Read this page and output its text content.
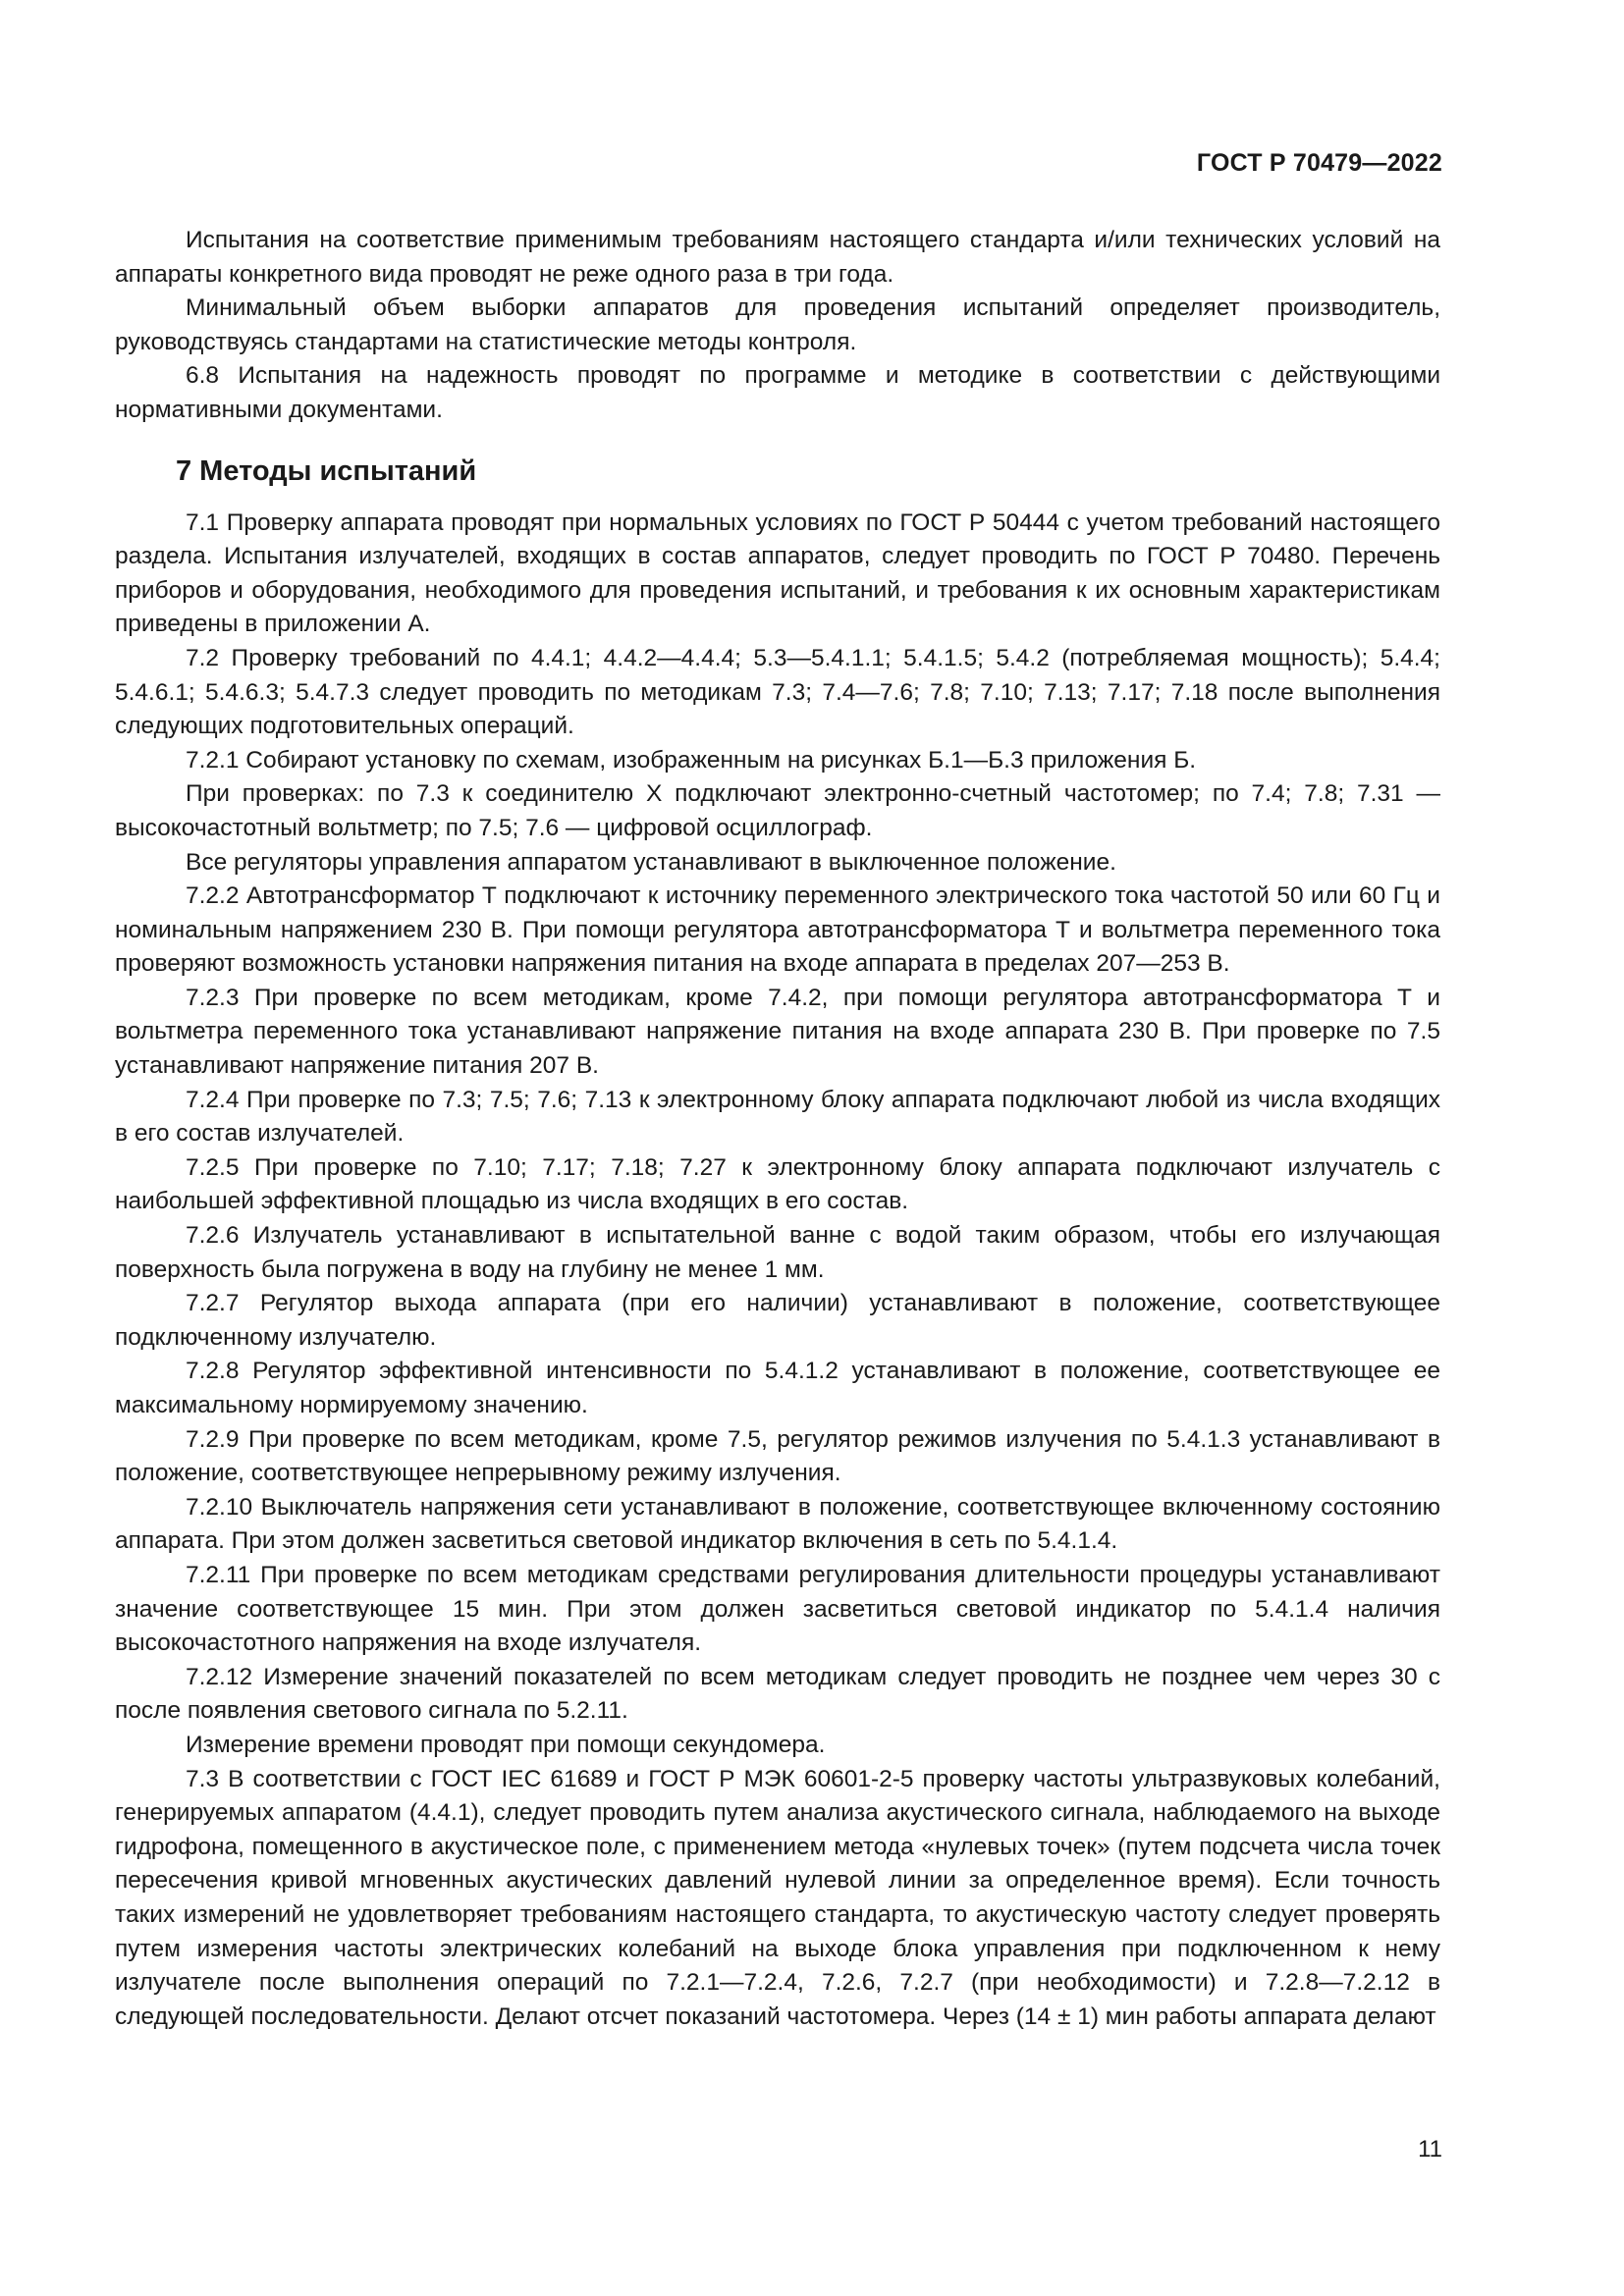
ГОСТ Р 70479—2022

Испытания на соответствие применимым требованиям настоящего стандарта и/или технических условий на аппараты конкретного вида проводят не реже одного раза в три года.

Минимальный объем выборки аппаратов для проведения испытаний определяет производитель, руководствуясь стандартами на статистические методы контроля.

6.8 Испытания на надежность проводят по программе и методике в соответствии с действующими нормативными документами.

7 Методы испытаний

7.1 Проверку аппарата проводят при нормальных условиях по ГОСТ Р 50444 с учетом требований настоящего раздела. Испытания излучателей, входящих в состав аппаратов, следует проводить по ГОСТ Р 70480. Перечень приборов и оборудования, необходимого для проведения испытаний, и требования к их основным характеристикам приведены в приложении А.

7.2 Проверку требований по 4.4.1; 4.4.2—4.4.4; 5.3—5.4.1.1; 5.4.1.5; 5.4.2 (потребляемая мощность); 5.4.4; 5.4.6.1; 5.4.6.3; 5.4.7.3 следует проводить по методикам 7.3; 7.4—7.6; 7.8; 7.10; 7.13; 7.17; 7.18 после выполнения следующих подготовительных операций.

7.2.1 Собирают установку по схемам, изображенным на рисунках Б.1—Б.3 приложения Б.

При проверках: по 7.3 к соединителю X подключают электронно-счетный частотомер; по 7.4; 7.8; 7.31 — высокочастотный вольтметр; по 7.5; 7.6 — цифровой осциллограф.

Все регуляторы управления аппаратом устанавливают в выключенное положение.

7.2.2 Автотрансформатор Т подключают к источнику переменного электрического тока частотой 50 или 60 Гц и номинальным напряжением 230 В. При помощи регулятора автотрансформатора Т и вольтметра переменного тока проверяют возможность установки напряжения питания на входе аппарата в пределах 207—253 В.

7.2.3 При проверке по всем методикам, кроме 7.4.2, при помощи регулятора автотрансформатора Т и вольтметра переменного тока устанавливают напряжение питания на входе аппарата 230 В. При проверке по 7.5 устанавливают напряжение питания 207 В.

7.2.4 При проверке по 7.3; 7.5; 7.6; 7.13 к электронному блоку аппарата подключают любой из числа входящих в его состав излучателей.

7.2.5 При проверке по 7.10; 7.17; 7.18; 7.27 к электронному блоку аппарата подключают излучатель с наибольшей эффективной площадью из числа входящих в его состав.

7.2.6 Излучатель устанавливают в испытательной ванне с водой таким образом, чтобы его излучающая поверхность была погружена в воду на глубину не менее 1 мм.

7.2.7 Регулятор выхода аппарата (при его наличии) устанавливают в положение, соответствующее подключенному излучателю.

7.2.8 Регулятор эффективной интенсивности по 5.4.1.2 устанавливают в положение, соответствующее ее максимальному нормируемому значению.

7.2.9 При проверке по всем методикам, кроме 7.5, регулятор режимов излучения по 5.4.1.3 устанавливают в положение, соответствующее непрерывному режиму излучения.

7.2.10 Выключатель напряжения сети устанавливают в положение, соответствующее включенному состоянию аппарата. При этом должен засветиться световой индикатор включения в сеть по 5.4.1.4.

7.2.11 При проверке по всем методикам средствами регулирования длительности процедуры устанавливают значение соответствующее 15 мин. При этом должен засветиться световой индикатор по 5.4.1.4 наличия высокочастотного напряжения на входе излучателя.

7.2.12 Измерение значений показателей по всем методикам следует проводить не позднее чем через 30 с после появления светового сигнала по 5.2.11.

Измерение времени проводят при помощи секундомера.

7.3 В соответствии с ГОСТ IEC 61689 и ГОСТ Р МЭК 60601-2-5 проверку частоты ультразвуковых колебаний, генерируемых аппаратом (4.4.1), следует проводить путем анализа акустического сигнала, наблюдаемого на выходе гидрофона, помещенного в акустическое поле, с применением метода «нулевых точек» (путем подсчета числа точек пересечения кривой мгновенных акустических давлений нулевой линии за определенное время). Если точность таких измерений не удовлетворяет требованиям настоящего стандарта, то акустическую частоту следует проверять путем измерения частоты электрических колебаний на выходе блока управления при подключенном к нему излучателе после выполнения операций по 7.2.1—7.2.4, 7.2.6, 7.2.7 (при необходимости) и 7.2.8—7.2.12 в следующей последовательности. Делают отсчет показаний частотомера. Через (14 ± 1) мин работы аппарата делают

11
